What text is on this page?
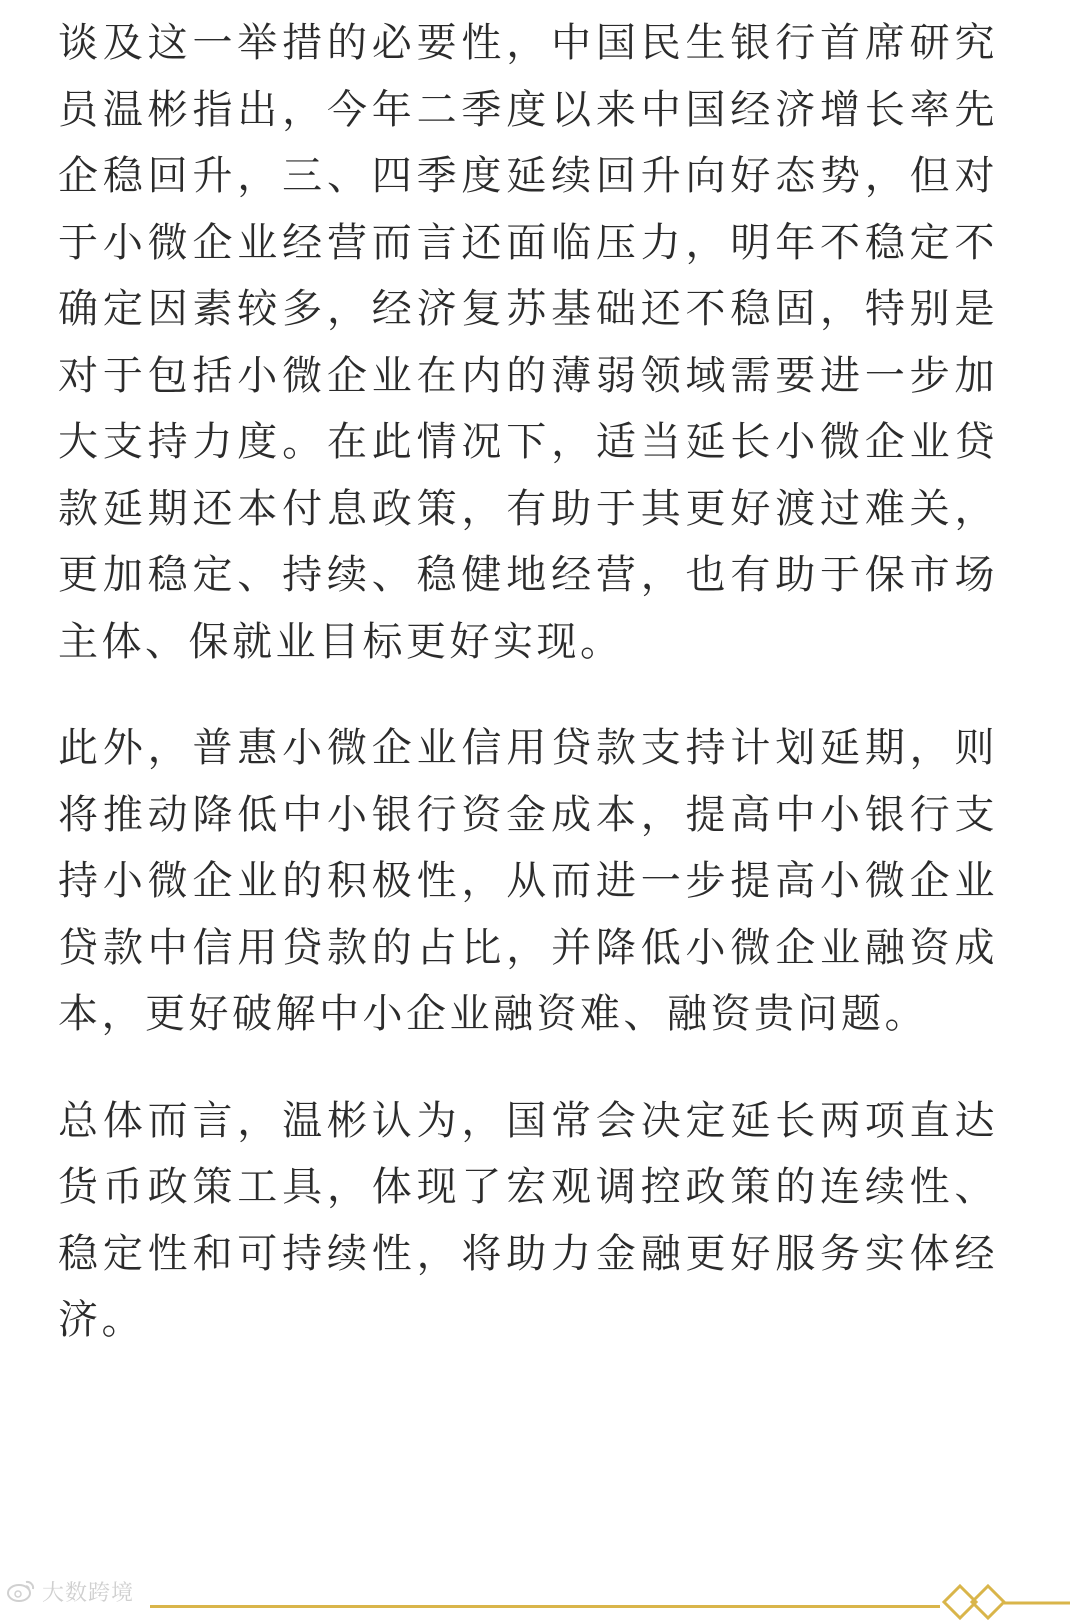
谈及这一举措的必要性，中国民生银行首席研究员温彬指出，今年二季度以来中国经济增长率先企稳回升，三、四季度延续回升向好态势，但对于小微企业经营而言还面临压力，明年不稳定不确定因素较多，经济复苏基础还不稳固，特别是对于包括小微企业在内的薄弱领域需要进一步加大支持力度。在此情况下，适当延长小微企业贷款延期还本付息政策，有助于其更好渡过难关，更加稳定、持续、稳健地经营，也有助于保市场主体、保就业目标更好实现。

此外，普惠小微企业信用贷款支持计划延期，则将推动降低中小银行资金成本，提高中小银行支持小微企业的积极性，从而进一步提高小微企业贷款中信用贷款的占比，并降低小微企业融资成本，更好破解中小企业融资难、融资贵问题。

总体而言，温彬认为，国常会决定延长两项直达货币政策工具，体现了宏观调控政策的连续性、稳定性和可持续性，将助力金融更好服务实体经济。

大数跨境
